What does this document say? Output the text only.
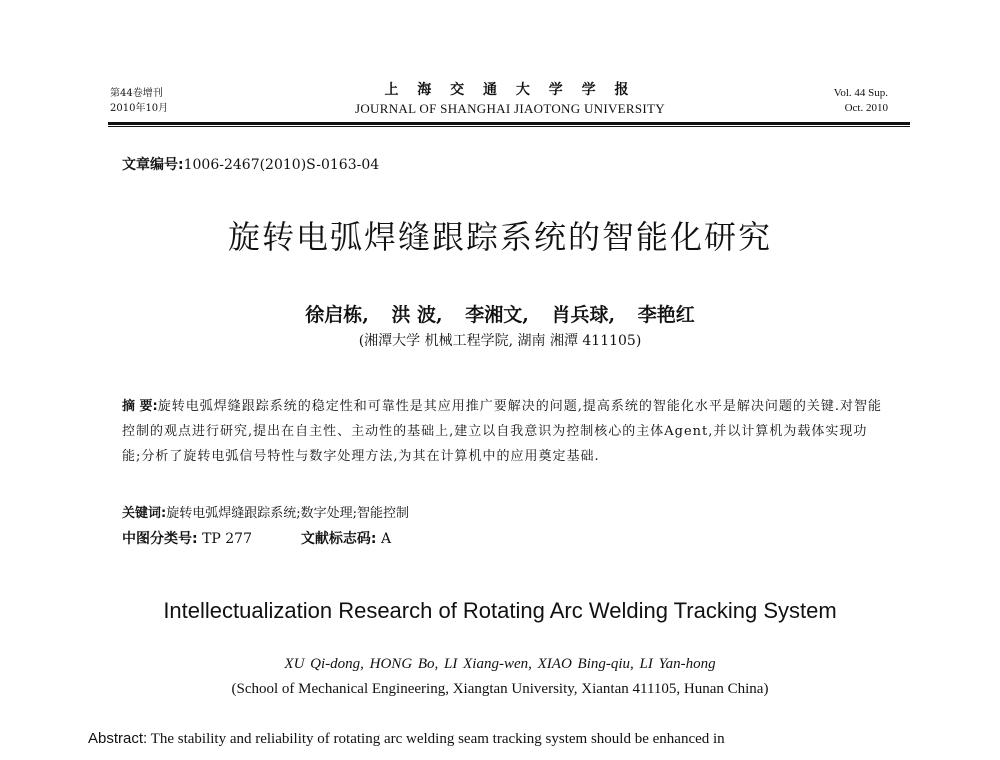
第44卷增刊
2010年10月
上 海 交 通 大 学 学 报
JOURNAL OF SHANGHAI JIAOTONG UNIVERSITY
Vol. 44 Sup.
Oct. 2010
文章编号:1006-2467(2010)S-0163-04
旋转电弧焊缝跟踪系统的智能化研究
徐启栋, 洪 波, 李湘文, 肖兵球, 李艳红
(湘潭大学 机械工程学院, 湖南 湘潭 411105)
摘 要:旋转电弧焊缝跟踪系统的稳定性和可靠性是其应用推广要解决的问题,提高系统的智能化水平是解决问题的关键.对智能控制的观点进行研究,提出在自主性、主动性的基础上,建立以自我意识为控制核心的主体Agent,并以计算机为载体实现功能;分析了旋转电弧信号特性与数字处理方法,为其在计算机中的应用奠定基础.
关键词:旋转电弧焊缝跟踪系统;数字处理;智能控制
中图分类号: TP 277	文献标志码: A
Intellectualization Research of Rotating Arc Welding Tracking System
XU Qi-dong, HONG Bo, LI Xiang-wen, XIAO Bing-qiu, LI Yan-hong
(School of Mechanical Engineering, Xiangtan University, Xiantan 411105, Hunan China)
Abstract: The stability and reliability of rotating arc welding seam tracking system should be enhanced in
